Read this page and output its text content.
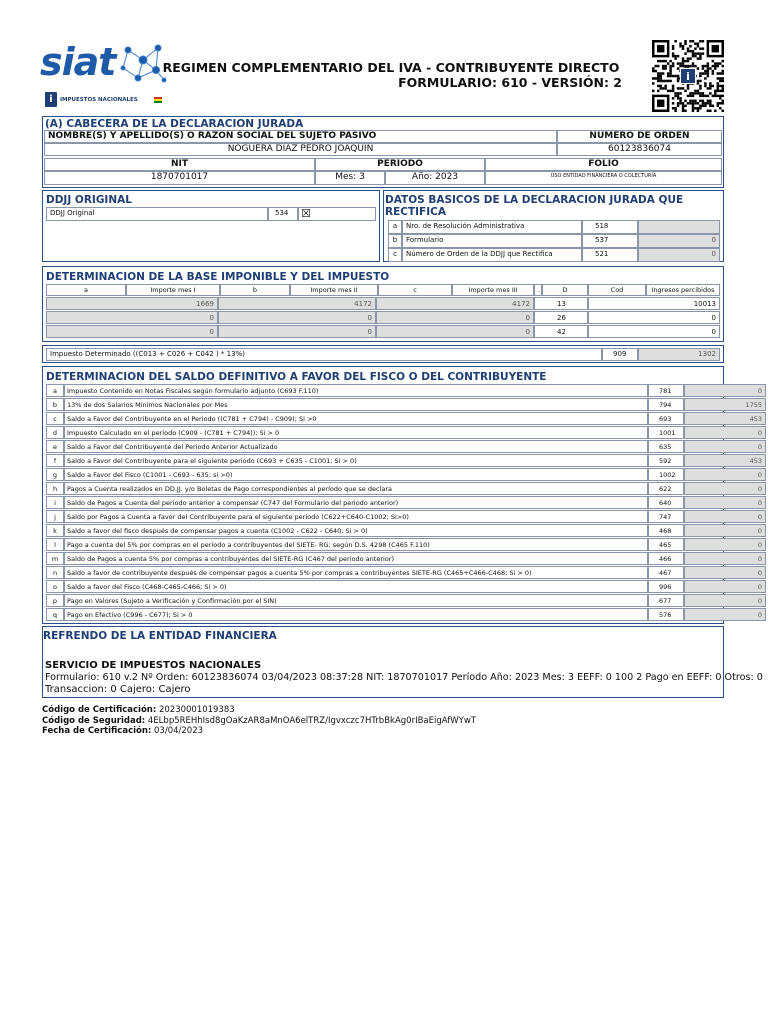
siat
i	IMPUESTOS NACIONALES
REGIMEN COMPLEMENTARIO DEL IVA - CONTRIBUYENTE DIRECTO
FORMULARIO: 610 - VERSIÓN: 2	i
(A) CABECERA DE LA DECLARACION JURADA
NOMBRE(S) Y APELLIDO(S) O RAZÓN SOCIAL DEL SUJETO PASIVO	NÚMERO DE ORDEN
NOGUERA DIAZ PEDRO JOAQUIN	60123836074
NIT	PERIODO	FOLIO
1870701017	Mes: 3	Año: 2023	USO ENTIDAD FINANCIERA O COLECTURÍA
DDJJ ORIGINAL
DDJJ Original	534	☒
DATOS BASICOS DE LA DECLARACION JURADA QUE RECTIFICA
a	Nro. de Resolución Administrativa	518
b	Formulario	537	0
c	Número de Orden de la DDJJ que Rectifica	521	0
DETERMINACION DE LA BASE IMPONIBLE Y DEL IMPUESTO
a	Importe mes I	b	Importe mes II	c	Importe mes III	.	D	Cod	Ingresos percibidos
1669	4172	4172	13	10013
0	0	0	26	0
0	0	0	42	0
Impuesto Determinado ((C013 + C026 + C042 ) * 13%)	909	1302
DETERMINACION DEL SALDO DEFINITIVO A FAVOR DEL FISCO O DEL CONTRIBUYENTE
a	Impuesto Contenido en Notas Fiscales según formulario adjunto (C693 F.110)	781	0
b	13% de dos Salarios Mínimos Nacionales por Mes	794	1755
c	Saldo a Favor del Contribuyente en el Periodo ((C781 + C794) - C909); Si >0	693	453
d	Impuesto Calculado en el periodo (C909 - (C781 + C794)); Si > 0	1001	0
e	Saldo a Favor del Contribuyente del Periodo Anterior Actualizado	635	0
f	Saldo a Favor del Contribuyente para el siguiente periodo (C693 + C635 - C1001; Si > 0)	592	453
g	Saldo a Favor del Fisco (C1001 - C693 - 635; si >0)	1002	0
h	Pagos a Cuenta realizados en DD.JJ. y/o Boletas de Pago correspondientes al período que se declara	622	0
i	Saldo de Pagos a Cuenta del periodo anterior a compensar (C747 del Formulario del periodo anterior)	640	0
j	Saldo por Pagos a Cuenta a favor del Contribuyente para el siguiente periodo (C622+C640-C1002; Si>0)	747	0
k	Saldo a favor del fisco después de compensar pagos a cuenta (C1002 - C622 - C640; Si > 0)	468	0
l	Pago a cuenta del 5% por compras en el periodo a contribuyentes del SIETE- RG; según D.S. 4298 (C465 F.110)	465	0
m	Saldo de Pagos a cuenta 5% por compras a contribuyentes del SIETE-RG (C467 del periodo anterior)	466	0
n	Saldo a favor de contribuyente después de compensar pagos a cuenta 5% por compras a contribuyentes SIETE-RG (C465+C466-C468; Si > 0)	467	0
o	Saldo a favor del Fisco (C468-C465-C466; Si > 0)	996	0
p	Pago en Valores (Sujeto a Verificación y Confirmación por el SIN)	677	0
q	Pago en Efectivo (C996 - C677); Si > 0	576	0
REFRENDO DE LA ENTIDAD FINANCIERA
SERVICIO DE IMPUESTOS NACIONALES
Formulario: 610 v.2 Nº Orden: 60123836074 03/04/2023 08:37:28 NIT: 1870701017 Período Año: 2023 Mes: 3 EEFF: 0 100 2 Pago en EEFF: 0 Otros: 0
Transaccion: 0 Cajero: Cajero
Código de Certificación: 20230001019383
Código de Seguridad: 4ELbp5REHhIsd8gOaKzAR8aMnOA6elTRZ/Igvxczc7HTrbBkAg0rIBaEigAfWYwT
Fecha de Certificación: 03/04/2023
